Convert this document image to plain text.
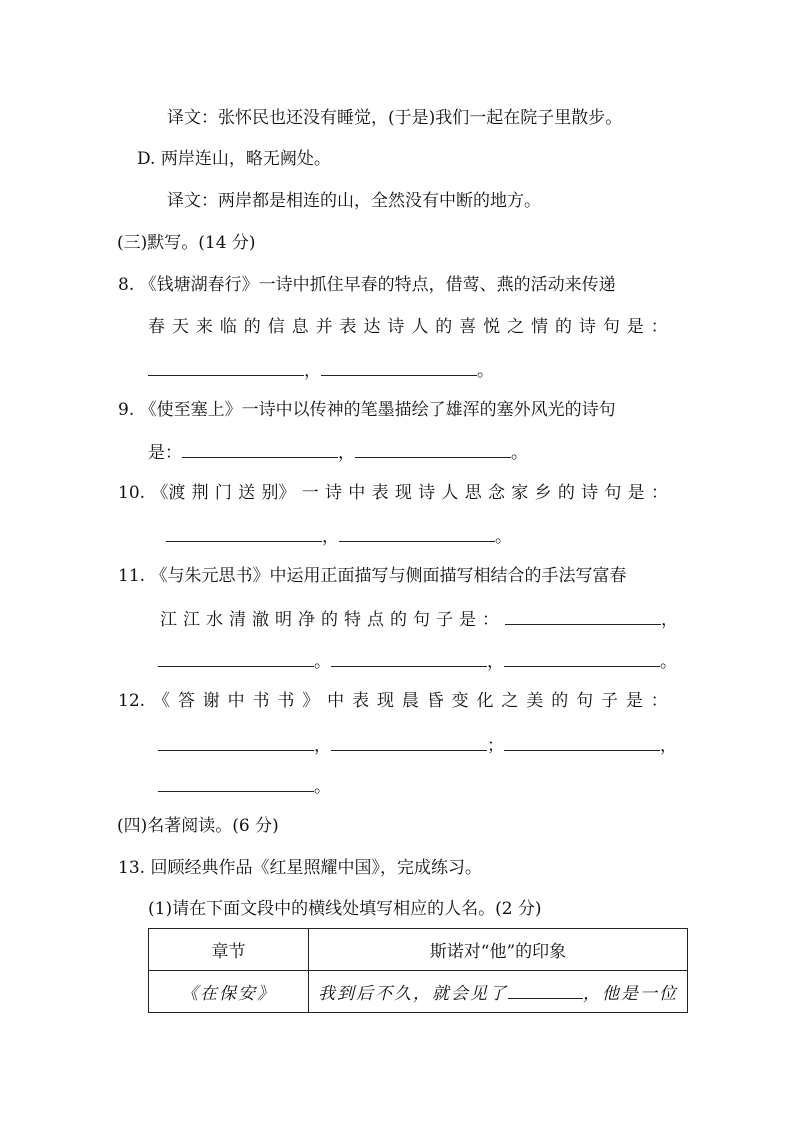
译文：张怀民也还没有睡觉，(于是)我们一起在院子里散步。
D. 两岸连山，略无阙处。
译文：两岸都是相连的山，全然没有中断的地方。
(三)默写。(14 分)
8. 《钱塘湖春行》一诗中抓住早春的特点，借莺、燕的活动来传递
春 天 来 临 的 信 息 并 表 达 诗 人 的 喜 悦 之 情 的 诗 句 是 ：
，	。
9. 《使至塞上》一诗中以传神的笔墨描绘了雄浑的塞外风光的诗句
是：	，	。
10. 《渡 荆 门 送 别》 一 诗 中 表 现 诗 人 思 念 家 乡 的 诗 句 是 ：
，	。
11. 《与朱元思书》中运用正面描写与侧面描写相结合的手法写富春
江江水清澈明净的特点的句子是：	，
。	，	。
12. 《 答 谢 中 书 书 》 中 表 现 晨 昏 变 化 之 美 的 句 子 是 ：
，	；	，
。
(四)名著阅读。(6 分)
13. 回顾经典作品《红星照耀中国》，完成练习。
(1)请在下面文段中的横线处填写相应的人名。(2 分)
章节	斯诺对“他”的印象
《在保安》	我到后不久，就会见了 ，他是一位
